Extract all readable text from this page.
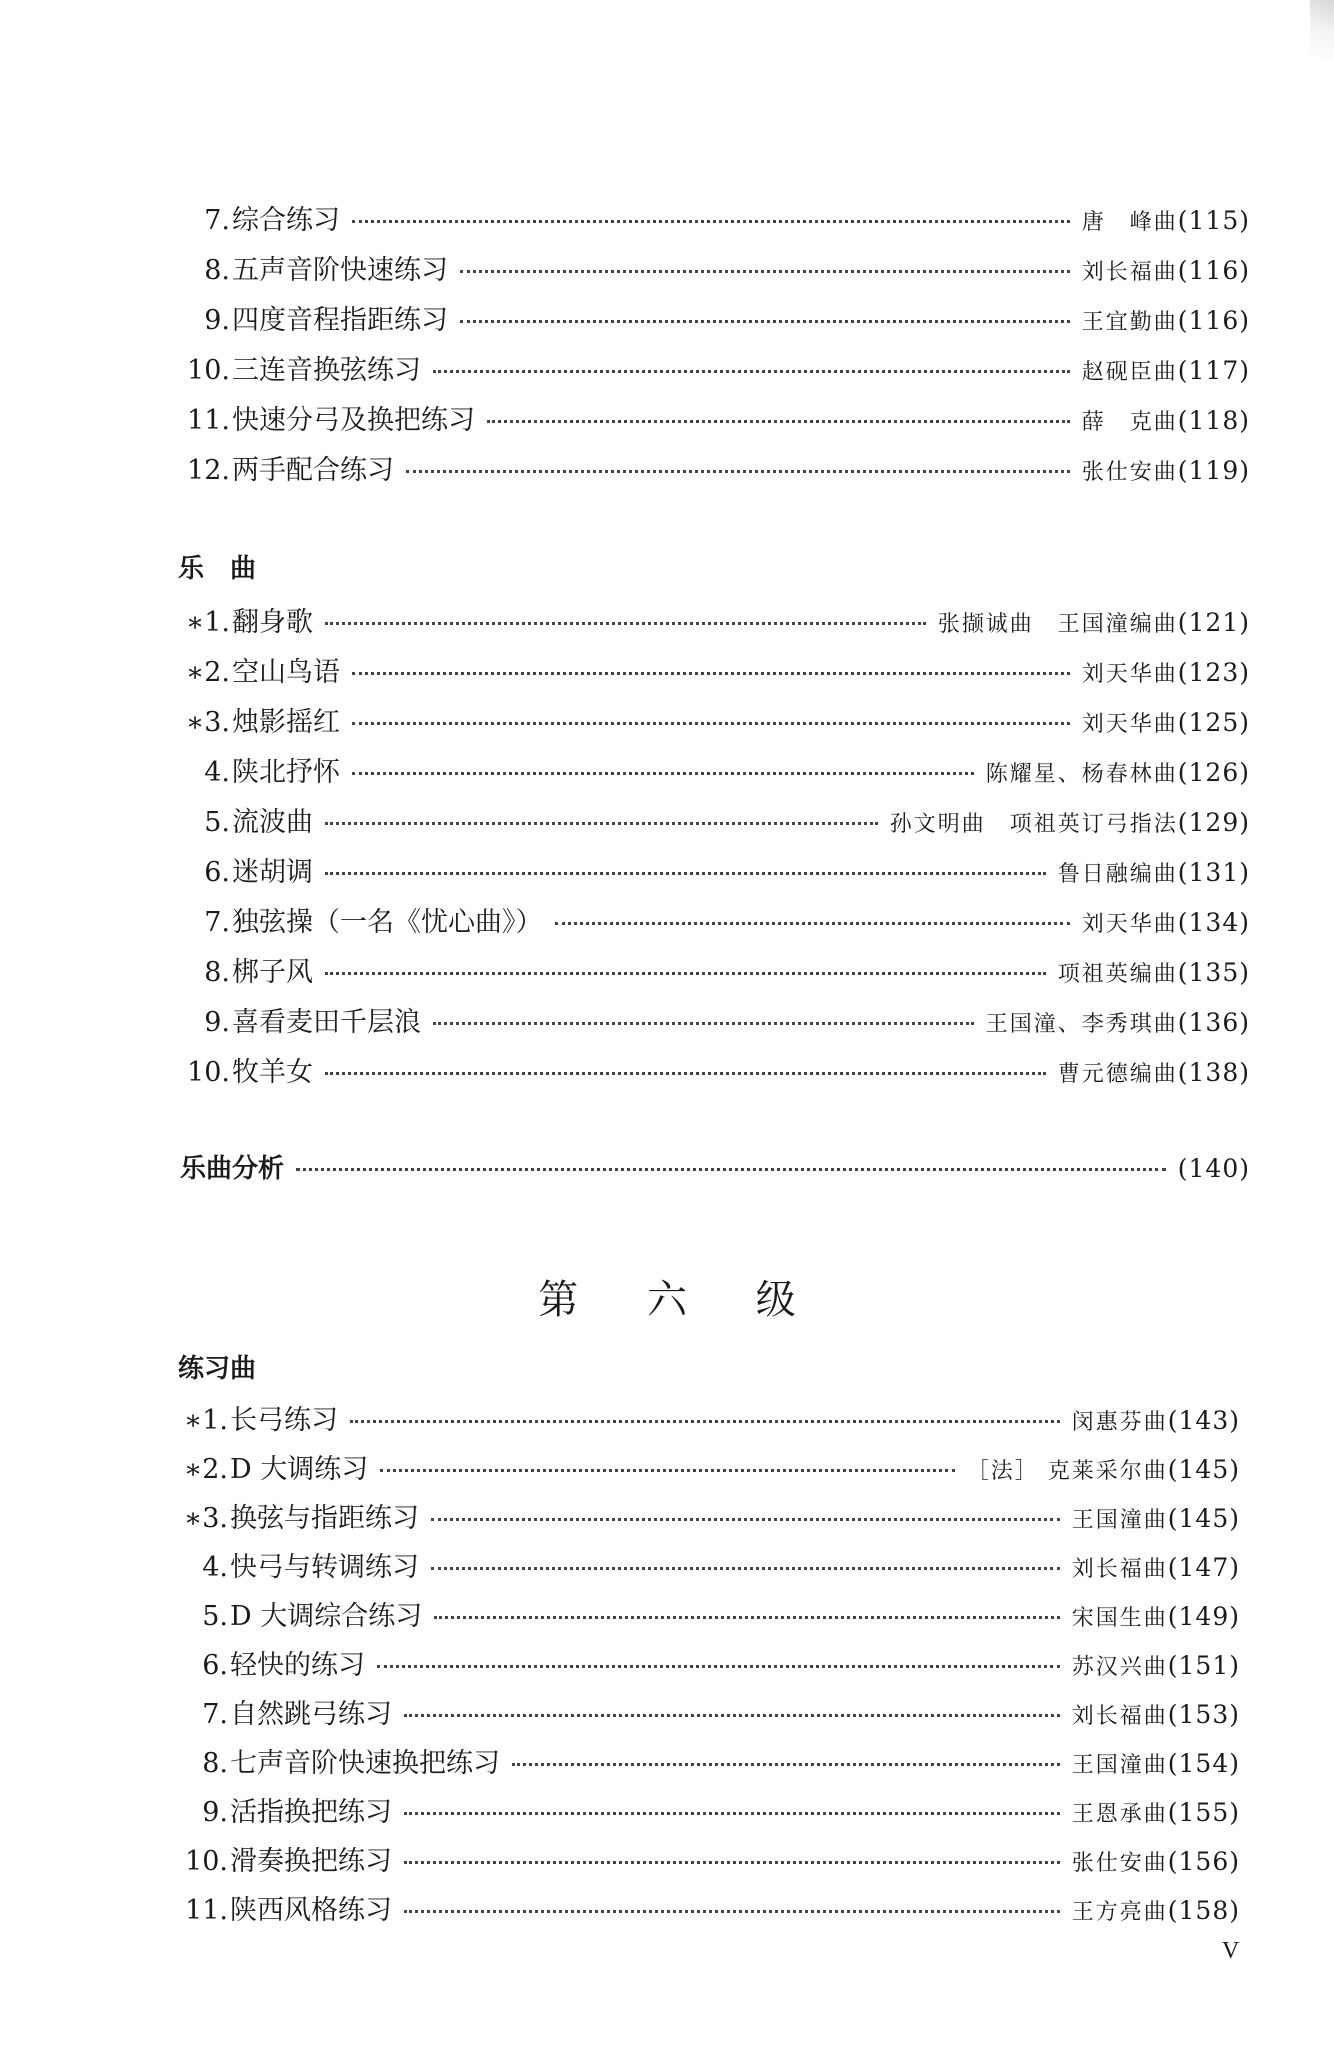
7. 综合练习	唐　峰曲 (115)
8. 五声音阶快速练习	刘长福曲 (116)
9. 四度音程指距练习	王宜勤曲 (116)
10. 三连音换弦练习	赵砚臣曲 (117)
11. 快速分弓及换把练习	薛　克曲 (118)
12. 两手配合练习	张仕安曲 (119)
乐　曲
∗1. 翻身歌	张撷诚曲　王国潼编曲 (121)
∗2. 空山鸟语	刘天华曲 (123)
∗3. 烛影摇红	刘天华曲 (125)
4. 陕北抒怀	陈耀星、杨春林曲 (126)
5. 流波曲	孙文明曲　项祖英订弓指法 (129)
6. 迷胡调	鲁日融编曲 (131)
7. 独弦操（一名《忧心曲》）	刘天华曲 (134)
8. 梆子风	项祖英编曲 (135)
9. 喜看麦田千层浪	王国潼、李秀琪曲 (136)
10. 牧羊女	曹元德编曲 (138)
乐曲分析	(140)
第 六 级
练习曲
∗1. 长弓练习	闵惠芬曲 (143)
∗2. D 大调练习	［法］ 克莱采尔曲 (145)
∗3. 换弦与指距练习	王国潼曲 (145)
4. 快弓与转调练习	刘长福曲 (147)
5. D 大调综合练习	宋国生曲 (149)
6. 轻快的练习	苏汉兴曲 (151)
7. 自然跳弓练习	刘长福曲 (153)
8. 七声音阶快速换把练习	王国潼曲 (154)
9. 活指换把练习	王恩承曲 (155)
10. 滑奏换把练习	张仕安曲 (156)
11. 陕西风格练习	王方亮曲 (158)
V
